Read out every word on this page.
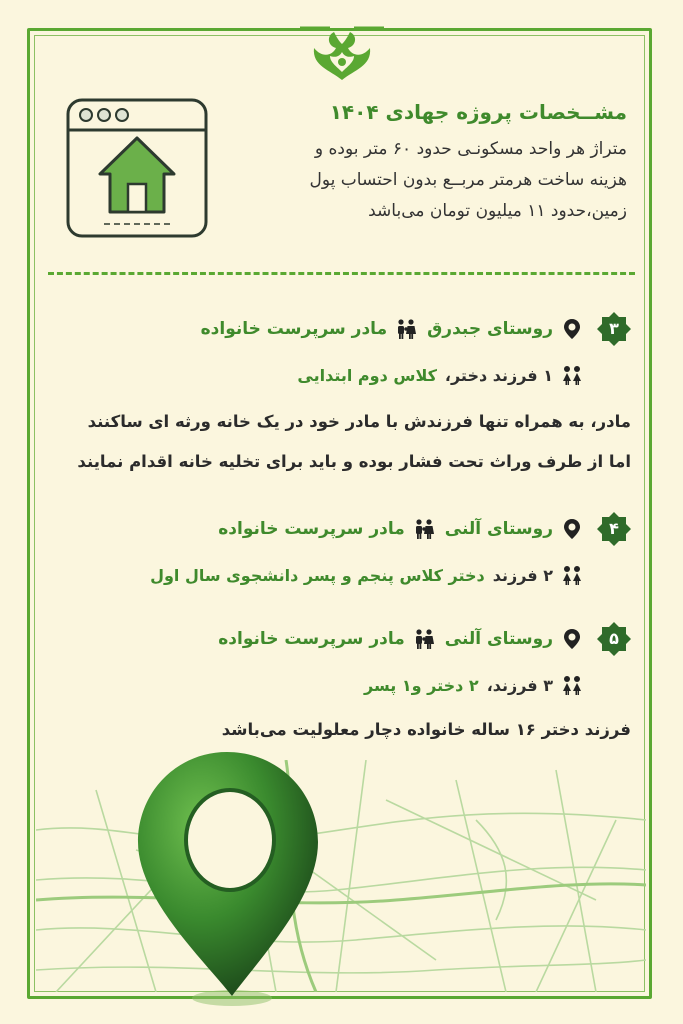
مشــخصات پروژه جهادی ۱۴۰۴
متراژ هر واحد مسکونـی حدود ۶۰ متر بوده و
هزینه ساخت هرمتر مربــع بدون احتساب پول
زمین،حدود ۱۱ میلیون تومان می‌باشد
۳
روستای جبدرق
مادر سرپرست خانواده
۱ فرزند دختر،
کلاس دوم ابتدایی
مادر، به همراه تنها فرزندش با مادر خود در یک خانه ورثه ای ساکنند
اما از طرف وراث تحت فشار بوده و باید برای تخلیه خانه اقدام نمایند
۴
روستای آلنی
مادر سرپرست خانواده
۲ فرزند
دختر کلاس پنجم و پسر دانشجوی سال اول
۵
روستای آلنی
مادر سرپرست خانواده
۳ فرزند،
۲ دختر و۱ پسر
فرزند دختر ۱۶ ساله خانواده دچار معلولیت می‌باشد
